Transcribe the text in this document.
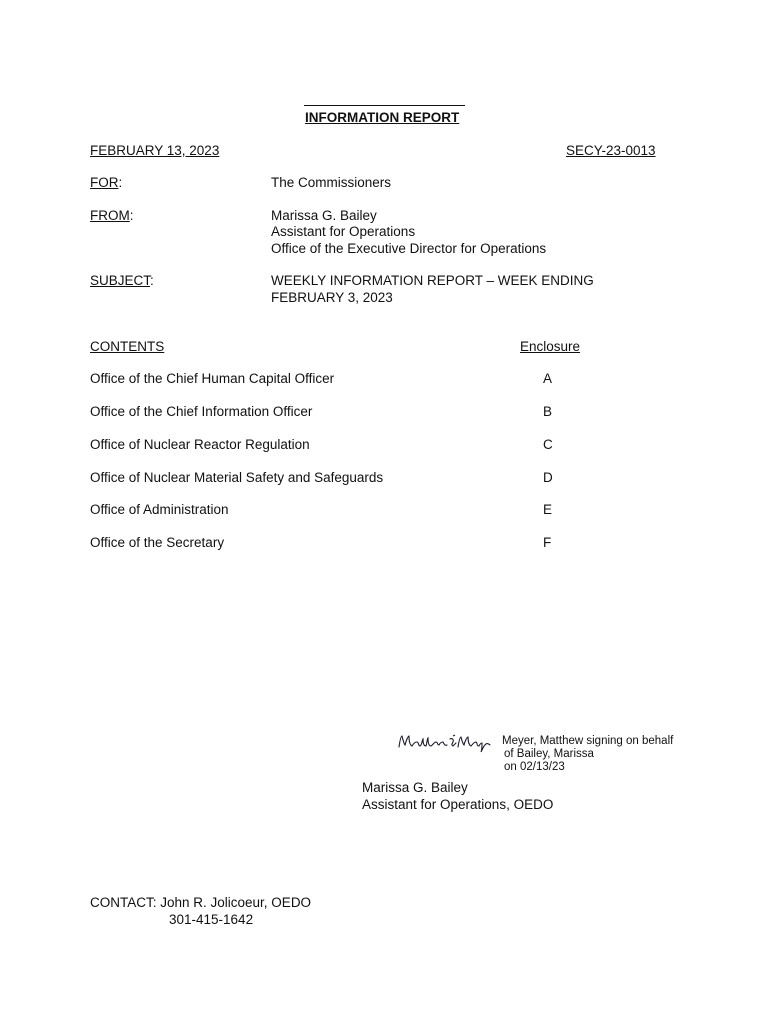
INFORMATION REPORT
FEBRUARY 13, 2023	SECY-23-0013
FOR:	The Commissioners
FROM:	Marissa G. Bailey
Assistant for Operations
Office of the Executive Director for Operations
SUBJECT:	WEEKLY INFORMATION REPORT – WEEK ENDING
FEBRUARY 3, 2023
CONTENTS	Enclosure
Office of the Chief Human Capital Officer	A
Office of the Chief Information Officer	B
Office of Nuclear Reactor Regulation	C
Office of Nuclear Material Safety and Safeguards	D
Office of Administration	E
Office of the Secretary	F
Meyer, Matthew signing on behalf
of Bailey, Marissa
on 02/13/23
Marissa G. Bailey
Assistant for Operations, OEDO
CONTACT: John R. Jolicoeur, OEDO
301-415-1642
